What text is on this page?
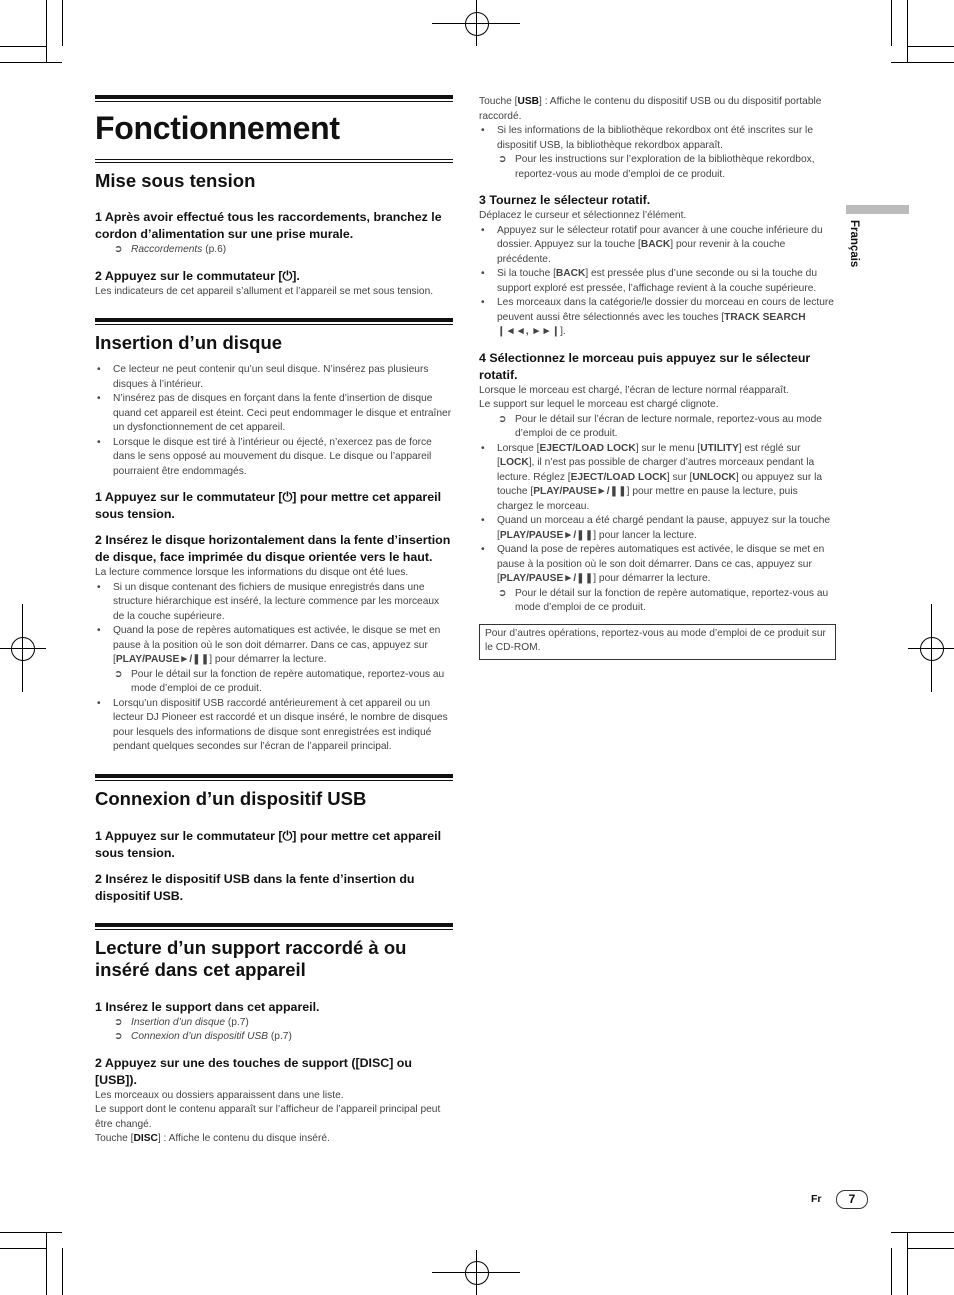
Français
Fonctionnement
Mise sous tension

1 Après avoir effectué tous les raccordements, branchez le cordon d’alimentation sur une prise murale.

➲ Raccordements (p.6)

2 Appuyez sur le commutateur [⏻].

Les indicateurs de cet appareil s’allument et l’appareil se met sous tension.

Insertion d’un disque
• Ce lecteur ne peut contenir qu’un seul disque. N’insérez pas plusieurs disques à l’intérieur.
• N’insérez pas de disques en forçant dans la fente d’insertion de disque quand cet appareil est éteint. Ceci peut endommager le disque et entraîner un dysfonctionnement de cet appareil.
• Lorsque le disque est tiré à l’intérieur ou éjecté, n’exercez pas de force dans le sens opposé au mouvement du disque. Le disque ou l’appareil pourraient être endommagés.

1 Appuyez sur le commutateur [⏻] pour mettre cet appareil sous tension.

2 Insérez le disque horizontalement dans la fente d’insertion de disque, face imprimée du disque orientée vers le haut.

La lecture commence lorsque les informations du disque ont été lues.

• Si un disque contenant des fichiers de musique enregistrés dans une structure hiérarchique est inséré, la lecture commence par les morceaux de la couche supérieure.
• Quand la pose de repères automatiques est activée, le disque se met en pause à la position où le son doit démarrer. Dans ce cas, appuyez sur [PLAY/PAUSE►/❚❚] pour démarrer la lecture.
➲ Pour le détail sur la fonction de repère automatique, reportez-vous au mode d’emploi de ce produit.
• Lorsqu’un dispositif USB raccordé antérieurement à cet appareil ou un lecteur DJ Pioneer est raccordé et un disque inséré, le nombre de disques pour lesquels des informations de disque sont enregistrées est indiqué pendant quelques secondes sur l’écran de l’appareil principal.
Connexion d’un dispositif USB

1 Appuyez sur le commutateur [⏻] pour mettre cet appareil sous tension.

2 Insérez le dispositif USB dans la fente d’insertion du dispositif USB.

Lecture d’un support raccordé à ou inséré dans cet appareil

1 Insérez le support dans cet appareil.

➲ Insertion d’un disque (p.7)
➲ Connexion d’un dispositif USB (p.7)

2 Appuyez sur une des touches de support ([DISC] ou [USB]).

Les morceaux ou dossiers apparaissent dans une liste.

Le support dont le contenu apparaît sur l’afficheur de l’appareil principal peut être changé.

Touche [DISC] : Affiche le contenu du disque inséré.

Touche [USB] : Affiche le contenu du dispositif USB ou du dispositif portable raccordé.

• Si les informations de la bibliothèque rekordbox ont été inscrites sur le dispositif USB, la bibliothèque rekordbox apparaît.
➲ Pour les instructions sur l’exploration de la bibliothèque rekordbox, reportez-vous au mode d’emploi de ce produit.

3 Tournez le sélecteur rotatif.

Déplacez le curseur et sélectionnez l’élément.

• Appuyez sur le sélecteur rotatif pour avancer à une couche inférieure du dossier. Appuyez sur la touche [BACK] pour revenir à la couche précédente.
• Si la touche [BACK] est pressée plus d’une seconde ou si la touche du support exploré est pressée, l’affichage revient à la couche supérieure.
• Les morceaux dans la catégorie/le dossier du morceau en cours de lecture peuvent aussi être sélectionnés avec les touches [TRACK SEARCH ❙◄◄, ►►❙].

4 Sélectionnez le morceau puis appuyez sur le sélecteur rotatif.

Lorsque le morceau est chargé, l’écran de lecture normal réapparaît.

Le support sur lequel le morceau est chargé clignote.

➲ Pour le détail sur l’écran de lecture normale, reportez-vous au mode d’emploi de ce produit.
• Lorsque [EJECT/LOAD LOCK] sur le menu [UTILITY] est réglé sur [LOCK], il n’est pas possible de charger d’autres morceaux pendant la lecture. Réglez [EJECT/LOAD LOCK] sur [UNLOCK] ou appuyez sur la touche [PLAY/PAUSE►/❚❚] pour mettre en pause la lecture, puis chargez le morceau.
• Quand un morceau a été chargé pendant la pause, appuyez sur la touche [PLAY/PAUSE►/❚❚] pour lancer la lecture.
• Quand la pose de repères automatiques est activée, le disque se met en pause à la position où le son doit démarrer. Dans ce cas, appuyez sur [PLAY/PAUSE►/❚❚] pour démarrer la lecture.
➲ Pour le détail sur la fonction de repère automatique, reportez-vous au mode d’emploi de ce produit.
Pour d’autres opérations, reportez-vous au mode d’emploi de ce produit sur le CD-ROM.
Fr	7
